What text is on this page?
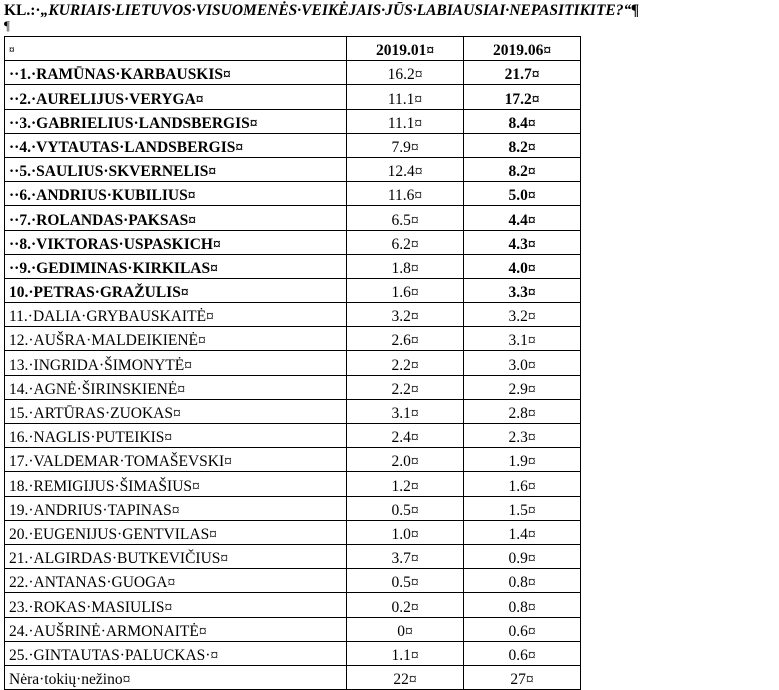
KL.:·„KURIAIS·LIETUVOS·VISUOMENĖS·VEIKĖJAIS·JŪS·LABIAUSIAI·NEPASITIKITE?“¶
¶
¤	2019.01¤	2019.06¤
··1.·RAMŪNAS·KARBAUSKIS¤	16.2¤	21.7¤
··2.·AURELIJUS·VERYGA¤	11.1¤	17.2¤
··3.·GABRIELIUS·LANDSBERGIS¤	11.1¤	8.4¤
··4.·VYTAUTAS·LANDSBERGIS¤	7.9¤	8.2¤
··5.·SAULIUS·SKVERNELIS¤	12.4¤	8.2¤
··6.·ANDRIUS·KUBILIUS¤	11.6¤	5.0¤
··7.·ROLANDAS·PAKSAS¤	6.5¤	4.4¤
··8.·VIKTORAS·USPASKICH¤	6.2¤	4.3¤
··9.·GEDIMINAS·KIRKILAS¤	1.8¤	4.0¤
10.·PETRAS·GRAŽULIS¤	1.6¤	3.3¤
11.·DALIA·GRYBAUSKAITĖ¤	3.2¤	3.2¤
12.·AUŠRA·MALDEIKIENĖ¤	2.6¤	3.1¤
13.·INGRIDA·ŠIMONYTĖ¤	2.2¤	3.0¤
14.·AGNĖ·ŠIRINSKIENĖ¤	2.2¤	2.9¤
15.·ARTŪRAS·ZUOKAS¤	3.1¤	2.8¤
16.·NAGLIS·PUTEIKIS¤	2.4¤	2.3¤
17.·VALDEMAR·TOMAŠEVSKI¤	2.0¤	1.9¤
18.·REMIGIJUS·ŠIMAŠIUS¤	1.2¤	1.6¤
19.·ANDRIUS·TAPINAS¤	0.5¤	1.5¤
20.·EUGENIJUS·GENTVILAS¤	1.0¤	1.4¤
21.·ALGIRDAS·BUTKEVIČIUS¤	3.7¤	0.9¤
22.·ANTANAS·GUOGA¤	0.5¤	0.8¤
23.·ROKAS·MASIULIS¤	0.2¤	0.8¤
24.·AUŠRINĖ·ARMONAITĖ¤	0¤	0.6¤
25.·GINTAUTAS·PALUCKAS·¤	1.1¤	0.6¤
Nėra·tokių·nežino¤	22¤	27¤
